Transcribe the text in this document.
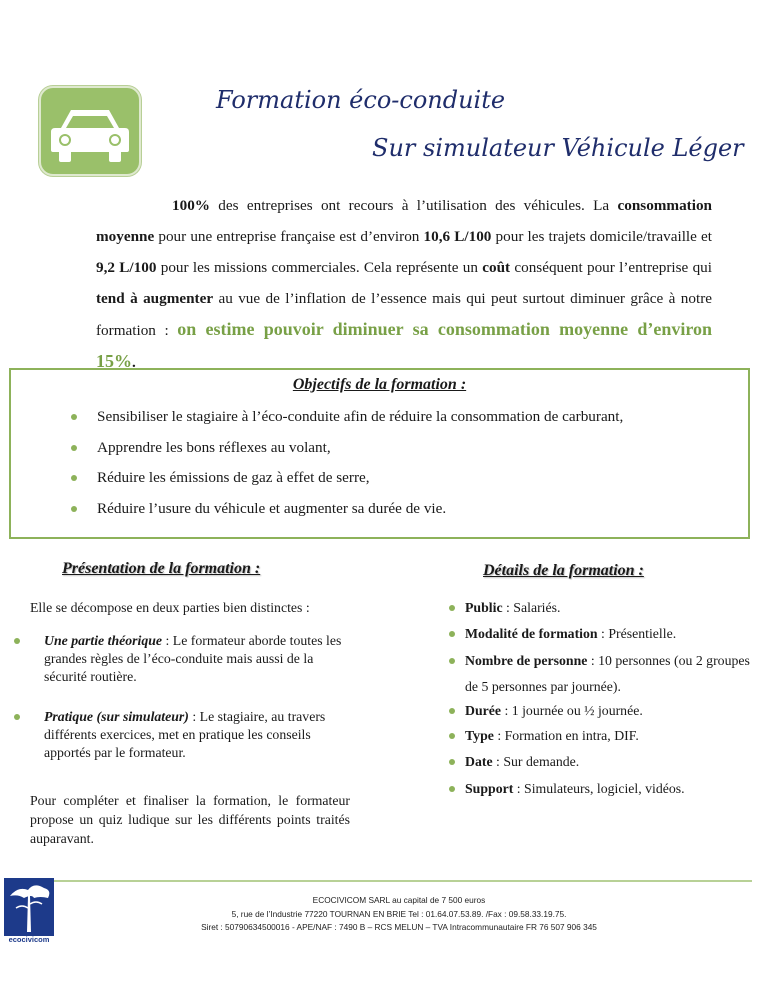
Formation éco-conduite
Sur simulateur Véhicule Léger
100% des entreprises ont recours à l’utilisation des véhicules. La consommation moyenne pour une entreprise française est d’environ 10,6 L/100 pour les trajets domicile/travaille et 9,2 L/100 pour les missions commerciales. Cela représente un coût conséquent pour l’entreprise qui tend à augmenter au vue de l’inflation de l’essence mais qui peut surtout diminuer grâce à notre formation : on estime pouvoir diminuer sa consommation moyenne d’environ 15%.
Objectifs de la formation :
Sensibiliser le stagiaire à l’éco-conduite afin de réduire la consommation de carburant,
Apprendre les bons réflexes au volant,
Réduire les émissions de gaz à effet de serre,
Réduire l’usure du véhicule et augmenter sa durée de vie.
Présentation de la formation :	Détails de la formation :
Elle se décompose en deux parties bien distinctes :
Une partie théorique : Le formateur aborde toutes les grandes règles de l’éco-conduite mais aussi de la sécurité routière.
Pratique (sur simulateur) : Le stagiaire, au travers différents exercices, met en pratique les conseils apportés par le formateur.
Pour compléter et finaliser la formation, le formateur propose un quiz ludique sur les différents points traités auparavant.
Public : Salariés.
Modalité de formation : Présentielle.
Nombre de personne : 10 personnes (ou 2 groupes de 5 personnes par journée).
Durée : 1 journée ou ½ journée.
Type : Formation en intra, DIF.
Date : Sur demande.
Support : Simulateurs, logiciel, vidéos.
ecocivicom
ECOCIVICOM SARL au capital de 7 500 euros
5, rue de l’Industrie 77220 TOURNAN EN BRIE Tel : 01.64.07.53.89. /Fax : 09.58.33.19.75.
Siret : 50790634500016 - APE/NAF : 7490 B – RCS MELUN – TVA Intracommunautaire FR 76 507 906 345
